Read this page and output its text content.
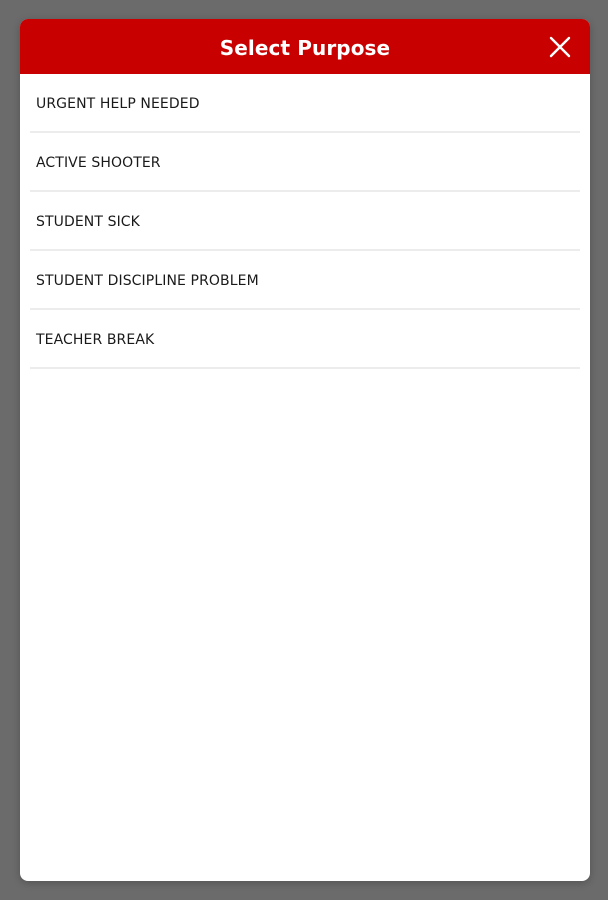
Select Purpose
URGENT HELP NEEDED
ACTIVE SHOOTER
STUDENT SICK
STUDENT DISCIPLINE PROBLEM
TEACHER BREAK
